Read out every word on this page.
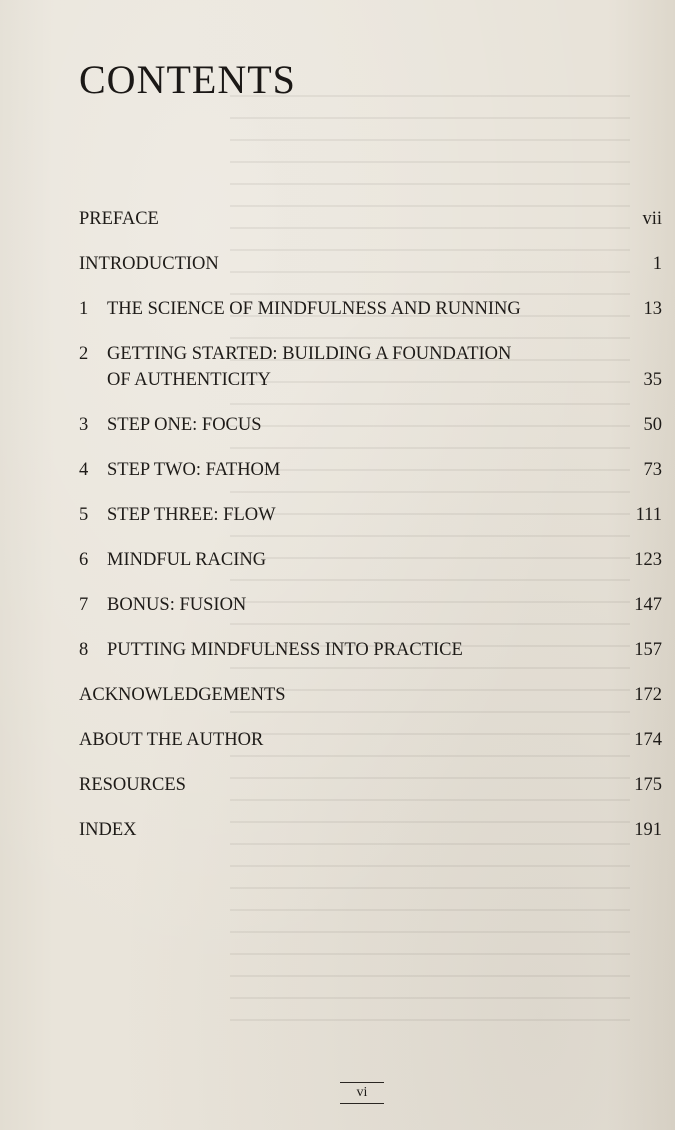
CONTENTS
PREFACE	vii
INTRODUCTION	1
1	THE SCIENCE OF MINDFULNESS AND RUNNING	13
2	GETTING STARTED: BUILDING A FOUNDATION
OF AUTHENTICITY	35
3	STEP ONE: FOCUS	50
4	STEP TWO: FATHOM	73
5	STEP THREE: FLOW	111
6	MINDFUL RACING	123
7	BONUS: FUSION	147
8	PUTTING MINDFULNESS INTO PRACTICE	157
ACKNOWLEDGEMENTS	172
ABOUT THE AUTHOR	174
RESOURCES	175
INDEX	191
vi
